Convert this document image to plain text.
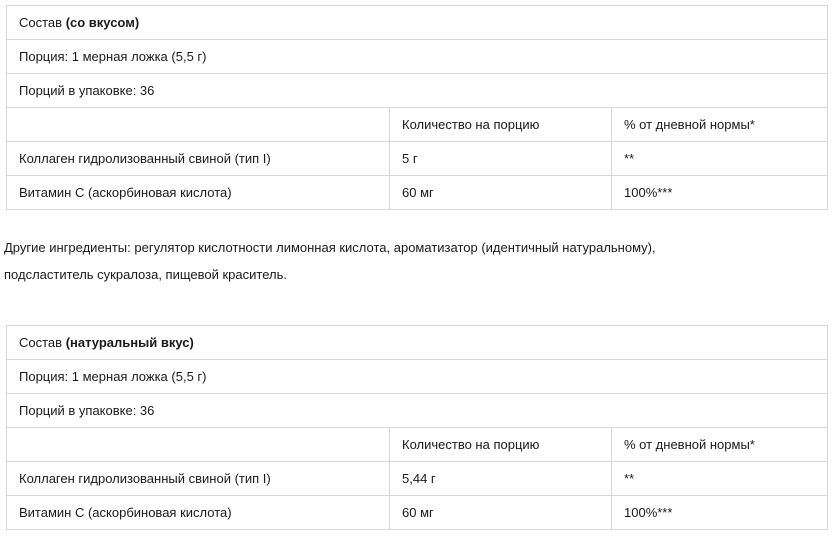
Состав (со вкусом)		
Порция: 1 мерная ложка (5,5 г)		
Порций в упаковке: 36		
	Количество на порцию	% от дневной нормы*
Коллаген гидролизованный свиной (тип I)	5 г	**
Витамин С (аскорбиновая кислота)	60 мг	100%***

Другие ингредиенты: регулятор кислотности лимонная кислота, ароматизатор (идентичный натуральному),
подсластитель сукралоза, пищевой краситель.

Состав (натуральный вкус)		
Порция: 1 мерная ложка (5,5 г)		
Порций в упаковке: 36		
	Количество на порцию	% от дневной нормы*
Коллаген гидролизованный свиной (тип I)	5,44 г	**
Витамин С (аскорбиновая кислота)	60 мг	100%***
